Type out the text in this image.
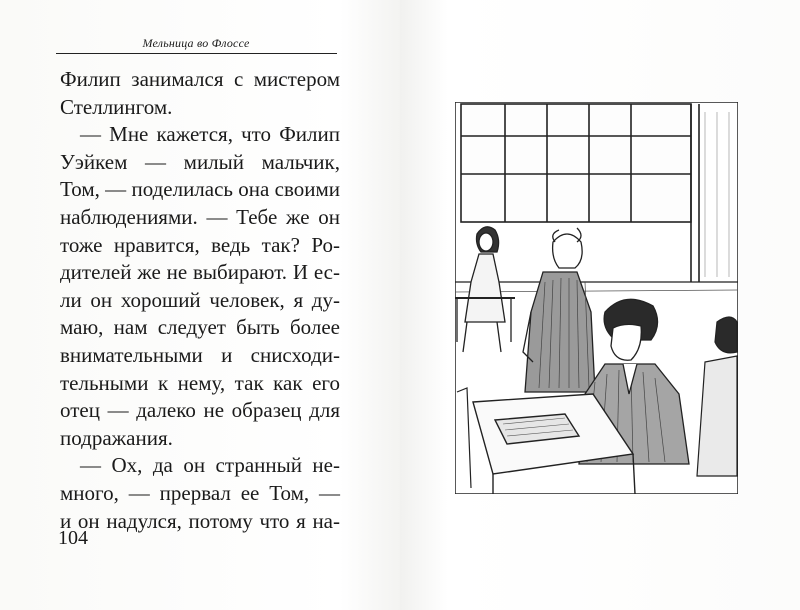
Мельница во Флоссе

Филип занимался с мистером

Стеллингом.

— Мне кажется, что Филип

Уэйкем — милый мальчик,

Том, — поделилась она своими

наблюдениями. — Тебе же он

тоже нравится, ведь так? Ро-

дителей же не выбирают. И ес-

ли он хороший человек, я ду-

маю, нам следует быть более

внимательными и снисходи-

тельными к нему, так как его

отец — далеко не образец для

подражания.

— Ох, да он странный не-

много, — прервал ее Том, —

и он надулся, потому что я на-

104
